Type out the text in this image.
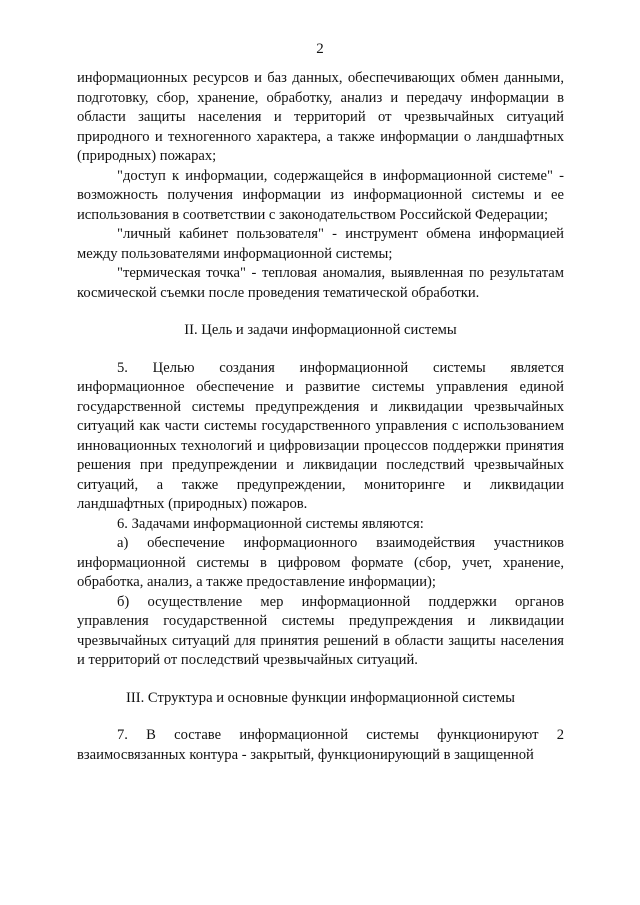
2

информационных ресурсов и баз данных, обеспечивающих обмен данными, подготовку, сбор, хранение, обработку, анализ и передачу информации в области защиты населения и территорий от чрезвычайных ситуаций природного и техногенного характера, а также информации о ландшафтных (природных) пожарах;

"доступ к информации, содержащейся в информационной системе" - возможность получения информации из информационной системы и ее использования в соответствии с законодательством Российской Федерации;

"личный кабинет пользователя" - инструмент обмена информацией между пользователями информационной системы;

"термическая точка" - тепловая аномалия, выявленная по результатам космической съемки после проведения тематической обработки.

II. Цель и задачи информационной системы

5. Целью создания информационной системы является информационное обеспечение и развитие системы управления единой государственной системы предупреждения и ликвидации чрезвычайных ситуаций как части системы государственного управления с использованием инновационных технологий и цифровизации процессов поддержки принятия решения при предупреждении и ликвидации последствий чрезвычайных ситуаций, а также предупреждении, мониторинге и ликвидации ландшафтных (природных) пожаров.

6. Задачами информационной системы являются:

а) обеспечение информационного взаимодействия участников информационной системы в цифровом формате (сбор, учет, хранение, обработка, анализ, а также предоставление информации);

б) осуществление мер информационной поддержки органов управления государственной системы предупреждения и ликвидации чрезвычайных ситуаций для принятия решений в области защиты населения и территорий от последствий чрезвычайных ситуаций.

III. Структура и основные функции информационной системы

7. В составе информационной системы функционируют 2 взаимосвязанных контура - закрытый, функционирующий в защищенной
